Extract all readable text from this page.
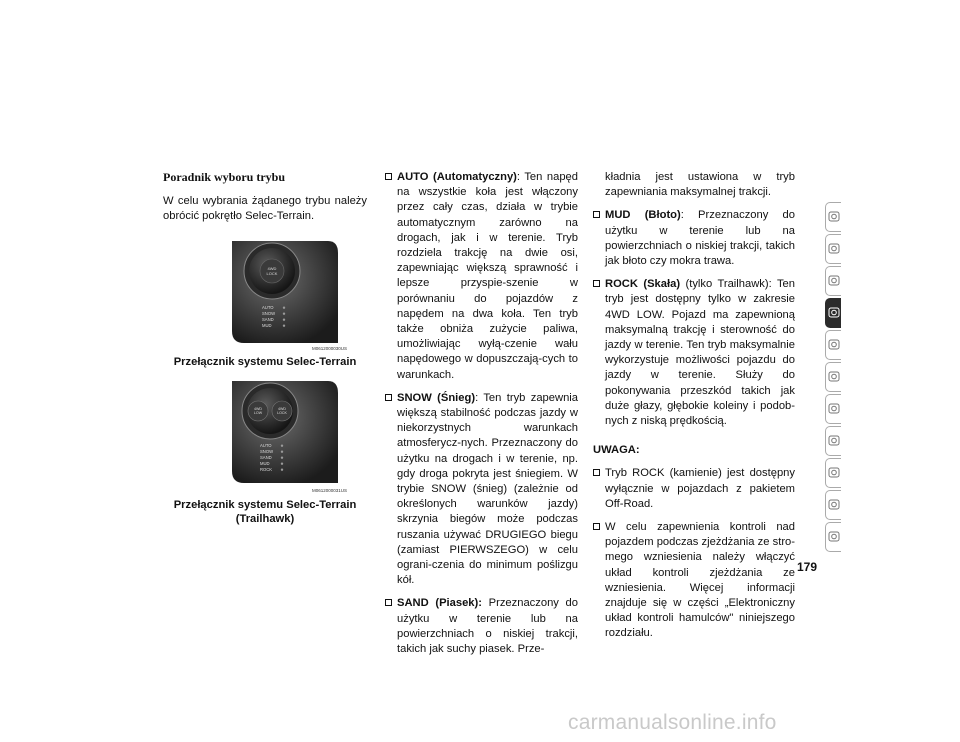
Poradnik wyboru trybu

W celu wybrania żądanego trybu należy obrócić pokrętło Selec-Terrain.

4WD
LOCK
AUTO
SNOW
SAND
MUD
M0612000030US
Przełącznik systemu Selec-Terrain
4WD
LOW
4WD
LOCK
AUTO
SNOW
SAND
MUD
ROCK
M0612000031US
Przełącznik systemu Selec-Terrain (Trailhawk)
AUTO (Automatyczny): Ten napęd na wszystkie koła jest włączony przez cały czas, działa w trybie automatycznym zarówno na drogach, jak i w terenie. Tryb rozdziela trakcję na dwie osi, zapewniając większą sprawność i lepsze przyspie-szenie w porównaniu do pojazdów z napędem na dwa koła. Ten tryb także obniża zużycie paliwa, umożliwiając wyłą-czenie wału napędowego w dopuszczają-cych to warunkach.
SNOW (Śnieg): Ten tryb zapewnia większą stabilność podczas jazdy w niekorzystnych warunkach atmosferycz-nych. Przeznaczony do użytku na drogach i w terenie, np. gdy droga pokryta jest śniegiem. W trybie SNOW (śnieg) (zależnie od określonych warunków jazdy) skrzynia biegów może podczas ruszania używać DRUGIEGO biegu (zamiast PIERWSZEGO) w celu ograni-czenia do minimum poślizgu kół.
SAND (Piasek): Przeznaczony do użytku w terenie lub na powierzchniach o niskiej trakcji, takich jak suchy piasek. Prze-
kładnia jest ustawiona w tryb zapewniania maksymalnej trakcji.
MUD (Błoto): Przeznaczony do użytku w terenie lub na powierzchniach o niskiej trakcji, takich jak błoto czy mokra trawa.
ROCK (Skała) (tylko Trailhawk): Ten tryb jest dostępny tylko w zakresie 4WD LOW. Pojazd ma zapewnioną maksymalną trakcję i sterowność do jazdy w terenie. Ten tryb maksymalnie wykorzystuje możliwości pojazdu do jazdy w terenie. Służy do pokonywania przeszkód takich jak duże głazy, głębokie koleiny i podob-nych z niską prędkością.
UWAGA:
Tryb ROCK (kamienie) jest dostępny wyłącznie w pojazdach z pakietem Off-Road.
W celu zapewnienia kontroli nad pojazdem podczas zjeżdżania ze stro-mego wzniesienia należy włączyć układ kontroli zjeżdżania ze wzniesienia. Więcej informacji znajduje się w części „Elektroniczny układ kontroli hamulców" niniejszego rozdziału.
179
carmanualsonline.info
